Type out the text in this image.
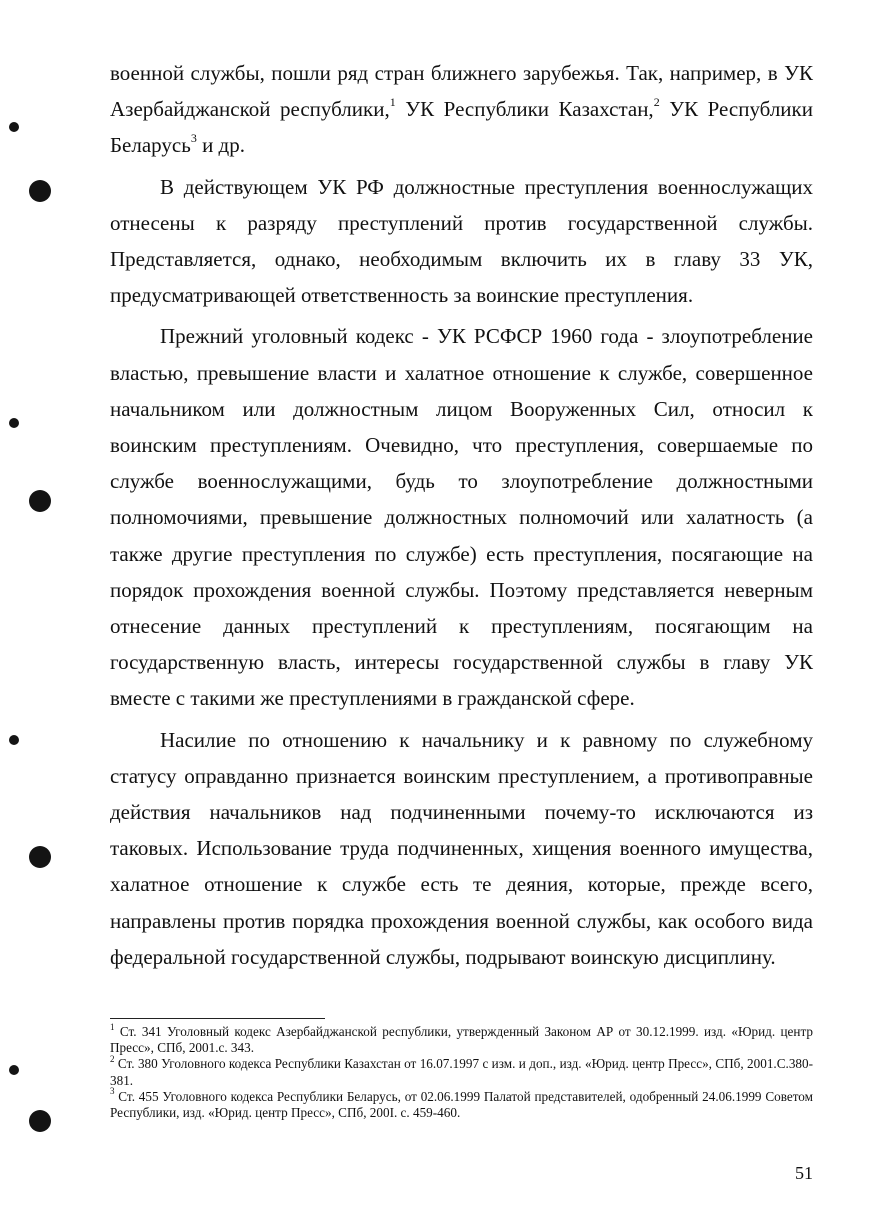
военной службы, пошли ряд стран ближнего зарубежья. Так, например, в УК Азербайджанской республики,$^1$ УК Республики Казахстан,$^2$ УК Республики Беларусь$^3$ и др.

В действующем УК РФ должностные преступления военнослужащих отнесены к разряду преступлений против государственной службы. Представляется, однако, необходимым включить их в главу 33 УК, предусматривающей ответственность за воинские преступления.

Прежний уголовный кодекс - УК РСФСР 1960 года - злоупотребление властью, превышение власти и халатное отношение к службе, совершенное начальником или должностным лицом Вооруженных Сил, относил к воинским преступлениям. Очевидно, что преступления, совершаемые по службе военнослужащими, будь то злоупотребление должностными полномочиями, превышение должностных полномочий или халатность (а также другие преступления по службе) есть преступления, посягающие на порядок прохождения военной службы. Поэтому представляется неверным отнесение данных преступлений к преступлениям, посягающим на государственную власть, интересы государственной службы в главу УК вместе с такими же преступлениями в гражданской сфере.

Насилие по отношению к начальнику и к равному по служебному статусу оправданно признается воинским преступлением, а противоправные действия начальников над подчиненными почему-то исключаются из таковых. Использование труда подчиненных, хищения военного имущества, халатное отношение к службе есть те деяния, которые, прежде всего, направлены против порядка прохождения военной службы, как особого вида федеральной государственной службы, подрывают воинскую дисциплину.

$^1$ Ст. 341 Уголовный кодекс Азербайджанской республики, утвержденный Законом АР от 30.12.1999. изд. «Юрид. центр Пресс», СПб, 2001.с. 343.

$^2$ Ст. 380 Уголовного кодекса Республики Казахстан от 16.07.1997 с изм. и доп., изд. «Юрид. центр Пресс», СПб, 2001.С.380-381.

$^3$ Ст. 455 Уголовного кодекса Республики Беларусь, от 02.06.1999 Палатой представителей, одобренный 24.06.1999 Советом Республики, изд. «Юрид. центр Пресс», СПб, 200I. с. 459-460.

51
